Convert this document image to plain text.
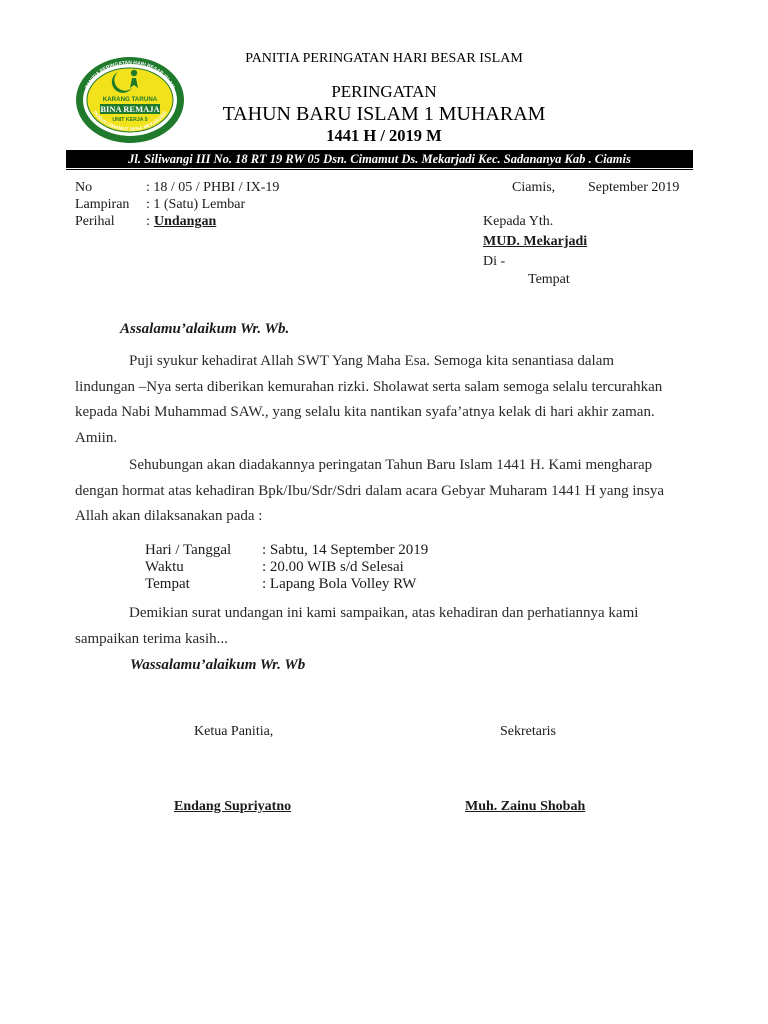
PANITIA PERINGATAN HARI BESAR ISLAM
KARANG TARUNA
BINA REMAJA
UNIT KERJA 5
PANITIA PERINGATAN HARI BESAR ISLAM
DUSUN CIMAMUT DESA MEKARJADI
PERINGATAN
TAHUN BARU ISLAM 1 MUHARAM
1441 H / 2019 M
Jl. Siliwangi III No. 18 RT 19 RW 05 Dsn. Cimamut Ds. Mekarjadi Kec. Sadananya Kab . Ciamis
No	: 18 / 05 / PHBI / IX-19
Lampiran : 1 (Satu) Lembar
Perihal : Undangan
Ciamis, September 2019
Kepada Yth.
MUD. Mekarjadi
Di -
Tempat
Assalamu’alaikum Wr. Wb.
Puji syukur kehadirat Allah SWT Yang Maha Esa. Semoga kita senantiasa dalam
lindungan –Nya serta diberikan kemurahan rizki. Sholawat serta salam semoga selalu tercurahkan
kepada Nabi Muhammad SAW., yang selalu kita nantikan syafa’atnya kelak di hari akhir zaman.
Amiin.
Sehubungan akan diadakannya peringatan Tahun Baru Islam 1441 H. Kami mengharap
dengan hormat atas kehadiran Bpk/Ibu/Sdr/Sdri dalam acara Gebyar Muharam 1441 H yang insya
Allah akan dilaksanakan pada :
Hari / Tanggal : Sabtu, 14 September 2019
Waktu	: 20.00 WIB s/d Selesai
Tempat	: Lapang Bola Volley RW
Demikian surat undangan ini kami sampaikan, atas kehadiran dan perhatiannya kami
sampaikan terima kasih...
Wassalamu’alaikum Wr. Wb
Ketua Panitia,	Sekretaris
Endang Supriyatno	Muh. Zainu Shobah
